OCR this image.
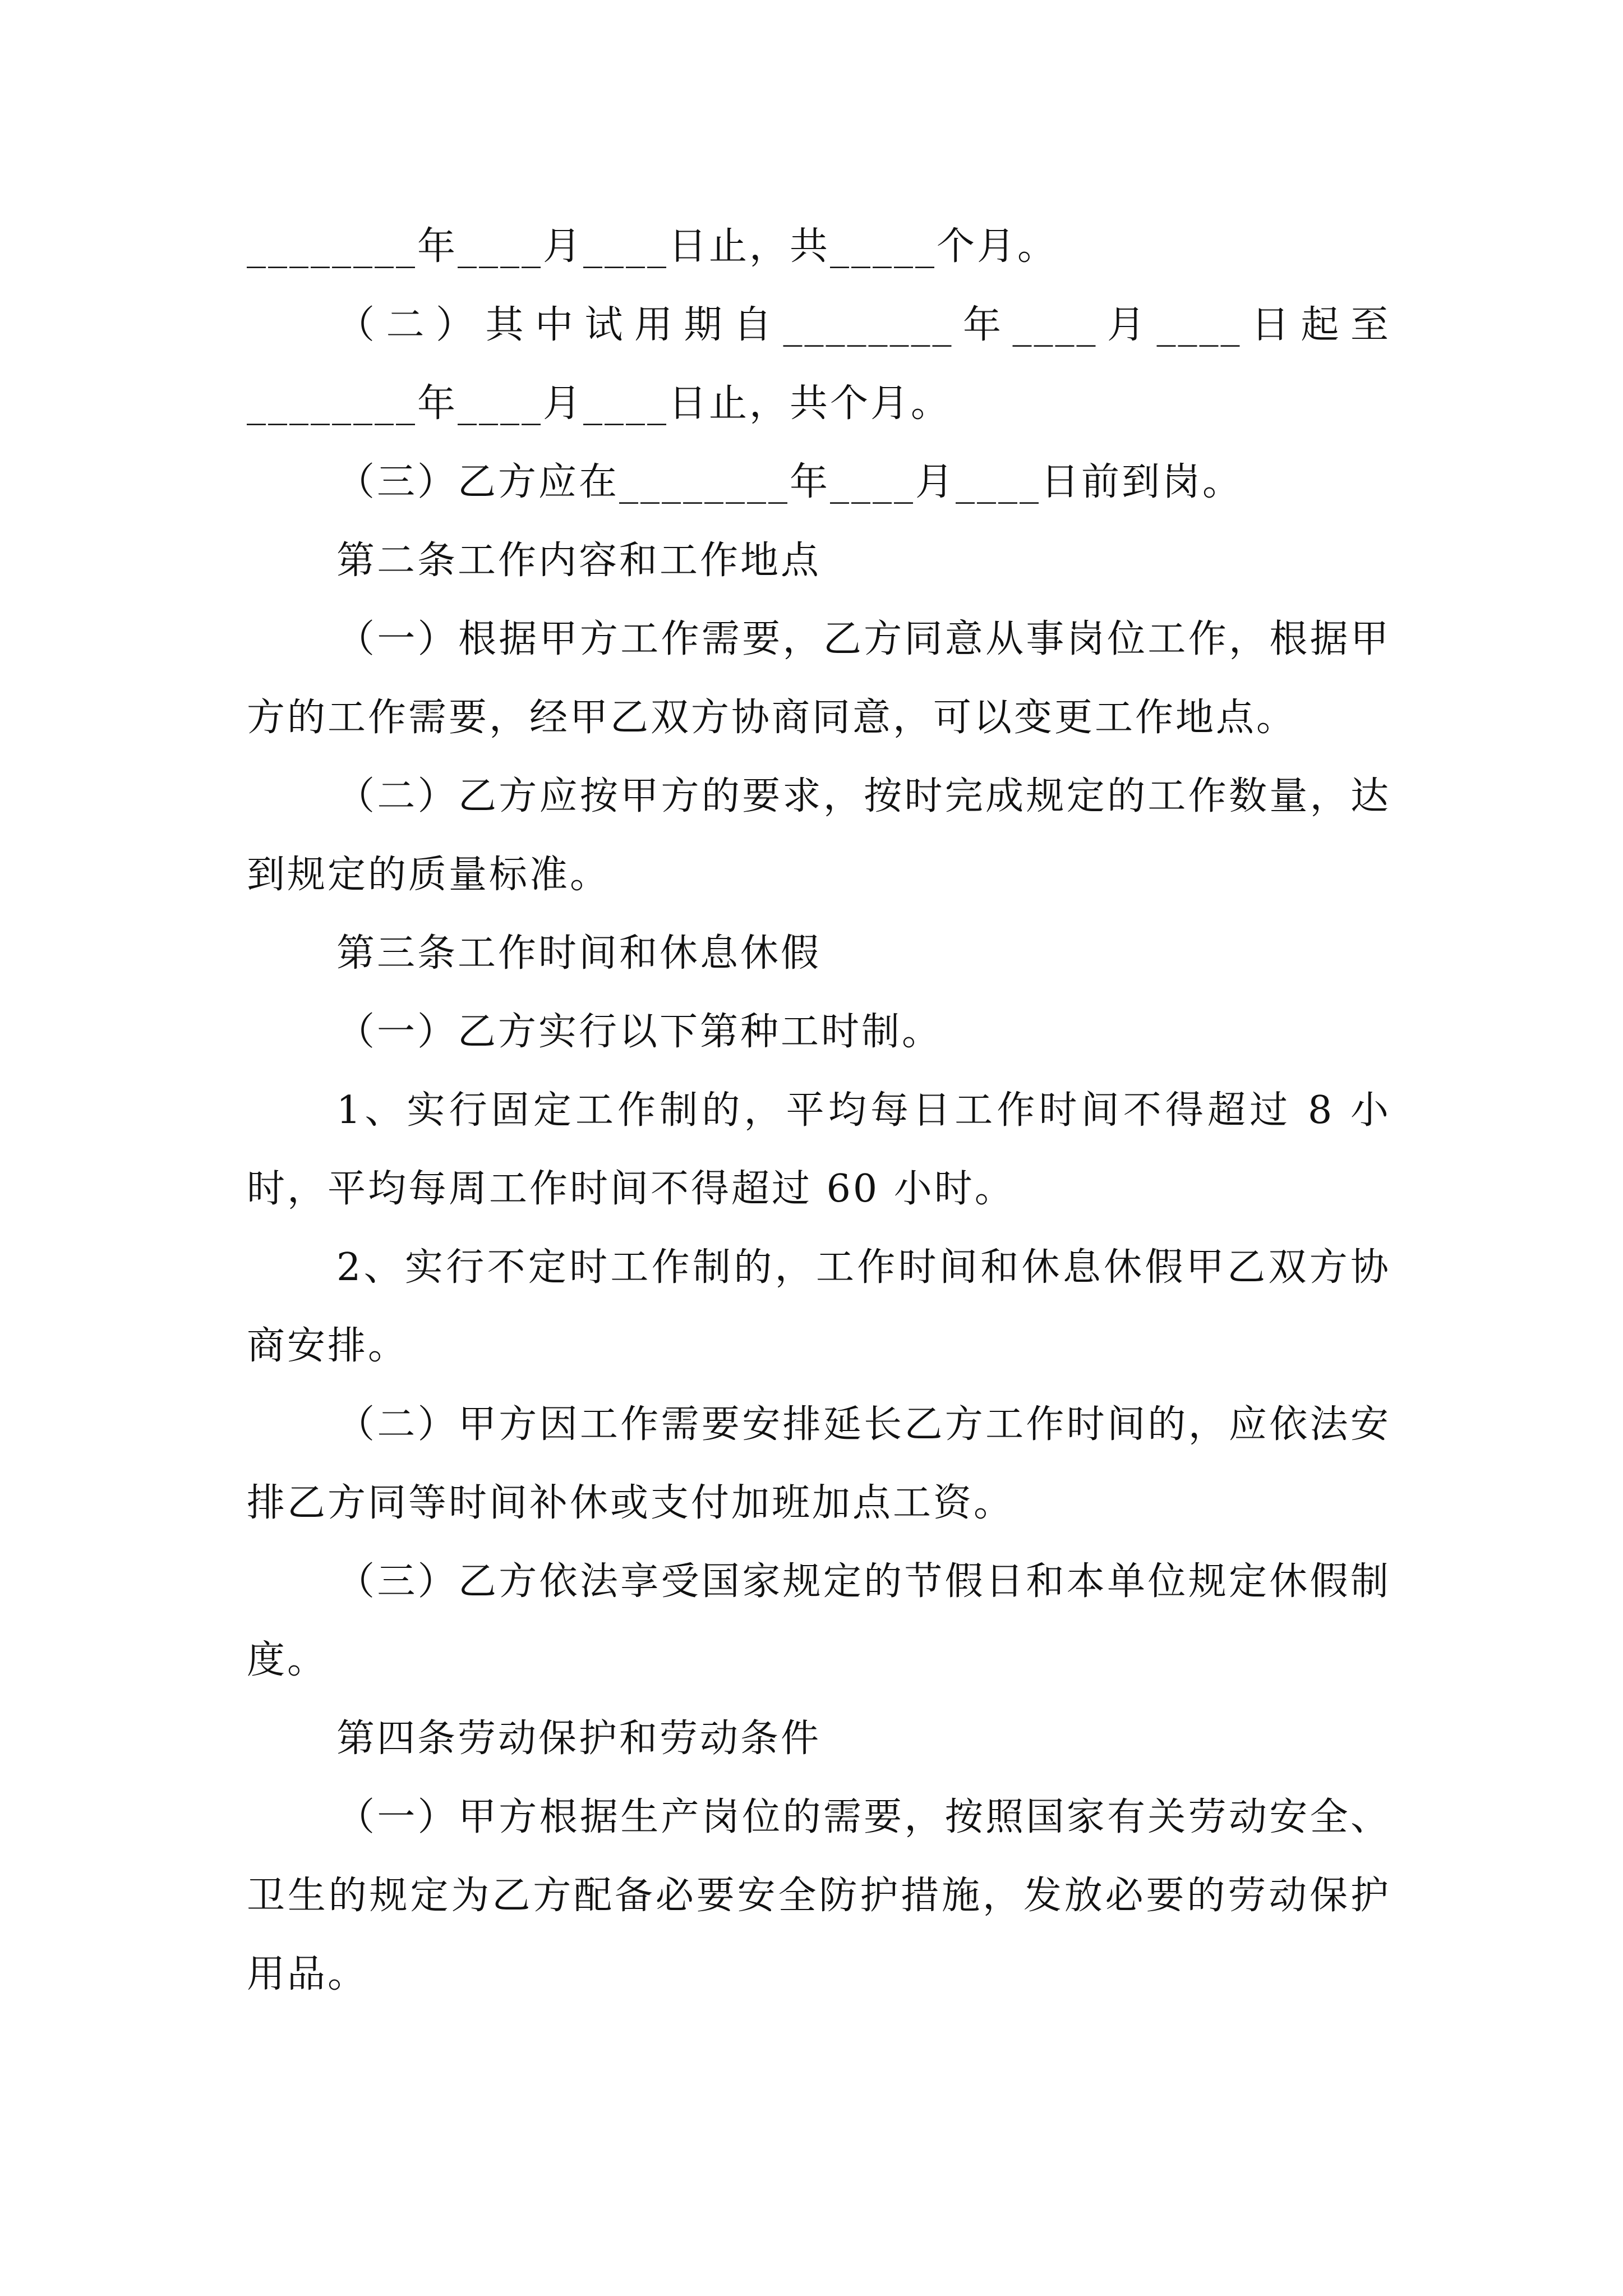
________年____月____日止，共_____个月。

（二）其中试用期自________年____月____日起至________年____月____日止，共个月。

（三）乙方应在________年____月____日前到岗。

第二条工作内容和工作地点

（一）根据甲方工作需要，乙方同意从事岗位工作，根据甲方的工作需要，经甲乙双方协商同意，可以变更工作地点。

（二）乙方应按甲方的要求，按时完成规定的工作数量，达到规定的质量标准。

第三条工作时间和休息休假

（一）乙方实行以下第种工时制。

1、实行固定工作制的，平均每日工作时间不得超过 8 小时，平均每周工作时间不得超过 60 小时。

2、实行不定时工作制的，工作时间和休息休假甲乙双方协商安排。

（二）甲方因工作需要安排延长乙方工作时间的，应依法安排乙方同等时间补休或支付加班加点工资。

（三）乙方依法享受国家规定的节假日和本单位规定休假制度。

第四条劳动保护和劳动条件

（一）甲方根据生产岗位的需要，按照国家有关劳动安全、卫生的规定为乙方配备必要安全防护措施，发放必要的劳动保护用品。
